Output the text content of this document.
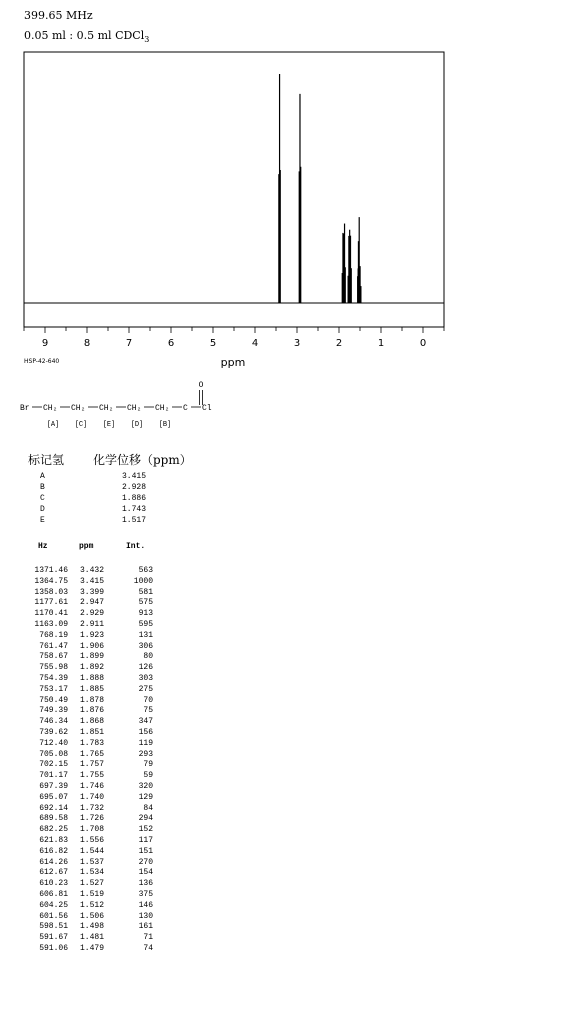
399.65 MHz
0.05 ml : 0.5 ml CDCl$_3$
9	8	7	6	5	4	3	2	1	0
ppm
HSP-42-640
O
Br CH₂ CH₂ CH₂ CH₂ CH₂ C Cl
[A] [C] [E] [D] [B]
标记氢 化学位移（ppm）
A	3.415
B	2.928
C	1.886
D	1.743
E	1.517
Hz	ppm	Int.
1371.46	3.432	563
1364.75	3.415	1000
1358.03	3.399	581
1177.61	2.947	575
1170.41	2.929	913
1163.09	2.911	595
768.19	1.923	131
761.47	1.906	306
758.67	1.899	80
755.98	1.892	126
754.39	1.888	303
753.17	1.885	275
750.49	1.878	70
749.39	1.876	75
746.34	1.868	347
739.62	1.851	156
712.40	1.783	119
705.08	1.765	293
702.15	1.757	79
701.17	1.755	59
697.39	1.746	320
695.07	1.740	129
692.14	1.732	84
689.58	1.726	294
682.25	1.708	152
621.83	1.556	117
616.82	1.544	151
614.26	1.537	270
612.67	1.534	154
610.23	1.527	136
606.81	1.519	375
604.25	1.512	146
601.56	1.506	130
598.51	1.498	161
591.67	1.481	71
591.06	1.479	74
